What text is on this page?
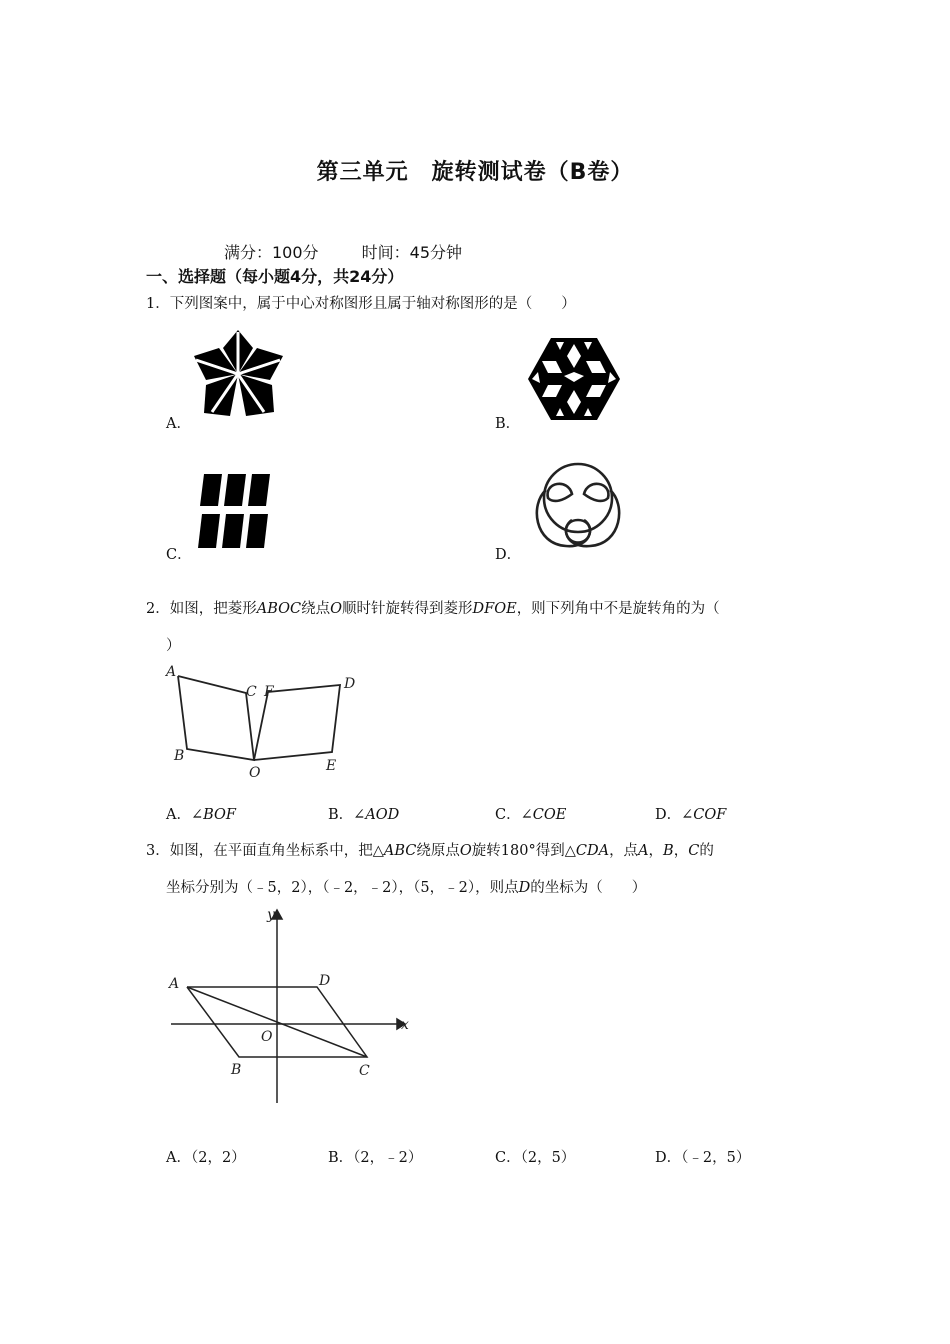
第三单元　旋转测试卷（B卷）
满分：100分	时间：45分钟
一、选择题（每小题4分，共24分）
1．下列图案中，属于中心对称图形且属于轴对称图形的是（　　）
A．	B．
C．	D．
2．如图，把菱形ABOC绕点O顺时针旋转得到菱形DFOE，则下列角中不是旋转角的为（
）
A
B
C F	D
E
O
A．∠BOF	B．∠AOD	C．∠COE	D．∠COF
3．如图，在平面直角坐标系中，把△ABC绕原点O旋转180°得到△CDA，点A，B，C的
坐标分别为（﹣5，2），（﹣2，﹣2），（5，﹣2），则点D的坐标为（　　）
A	D
B	C
O
x
y
A．（2，2）	B．（2，﹣2）	C．（2，5）	D．（﹣2，5）
